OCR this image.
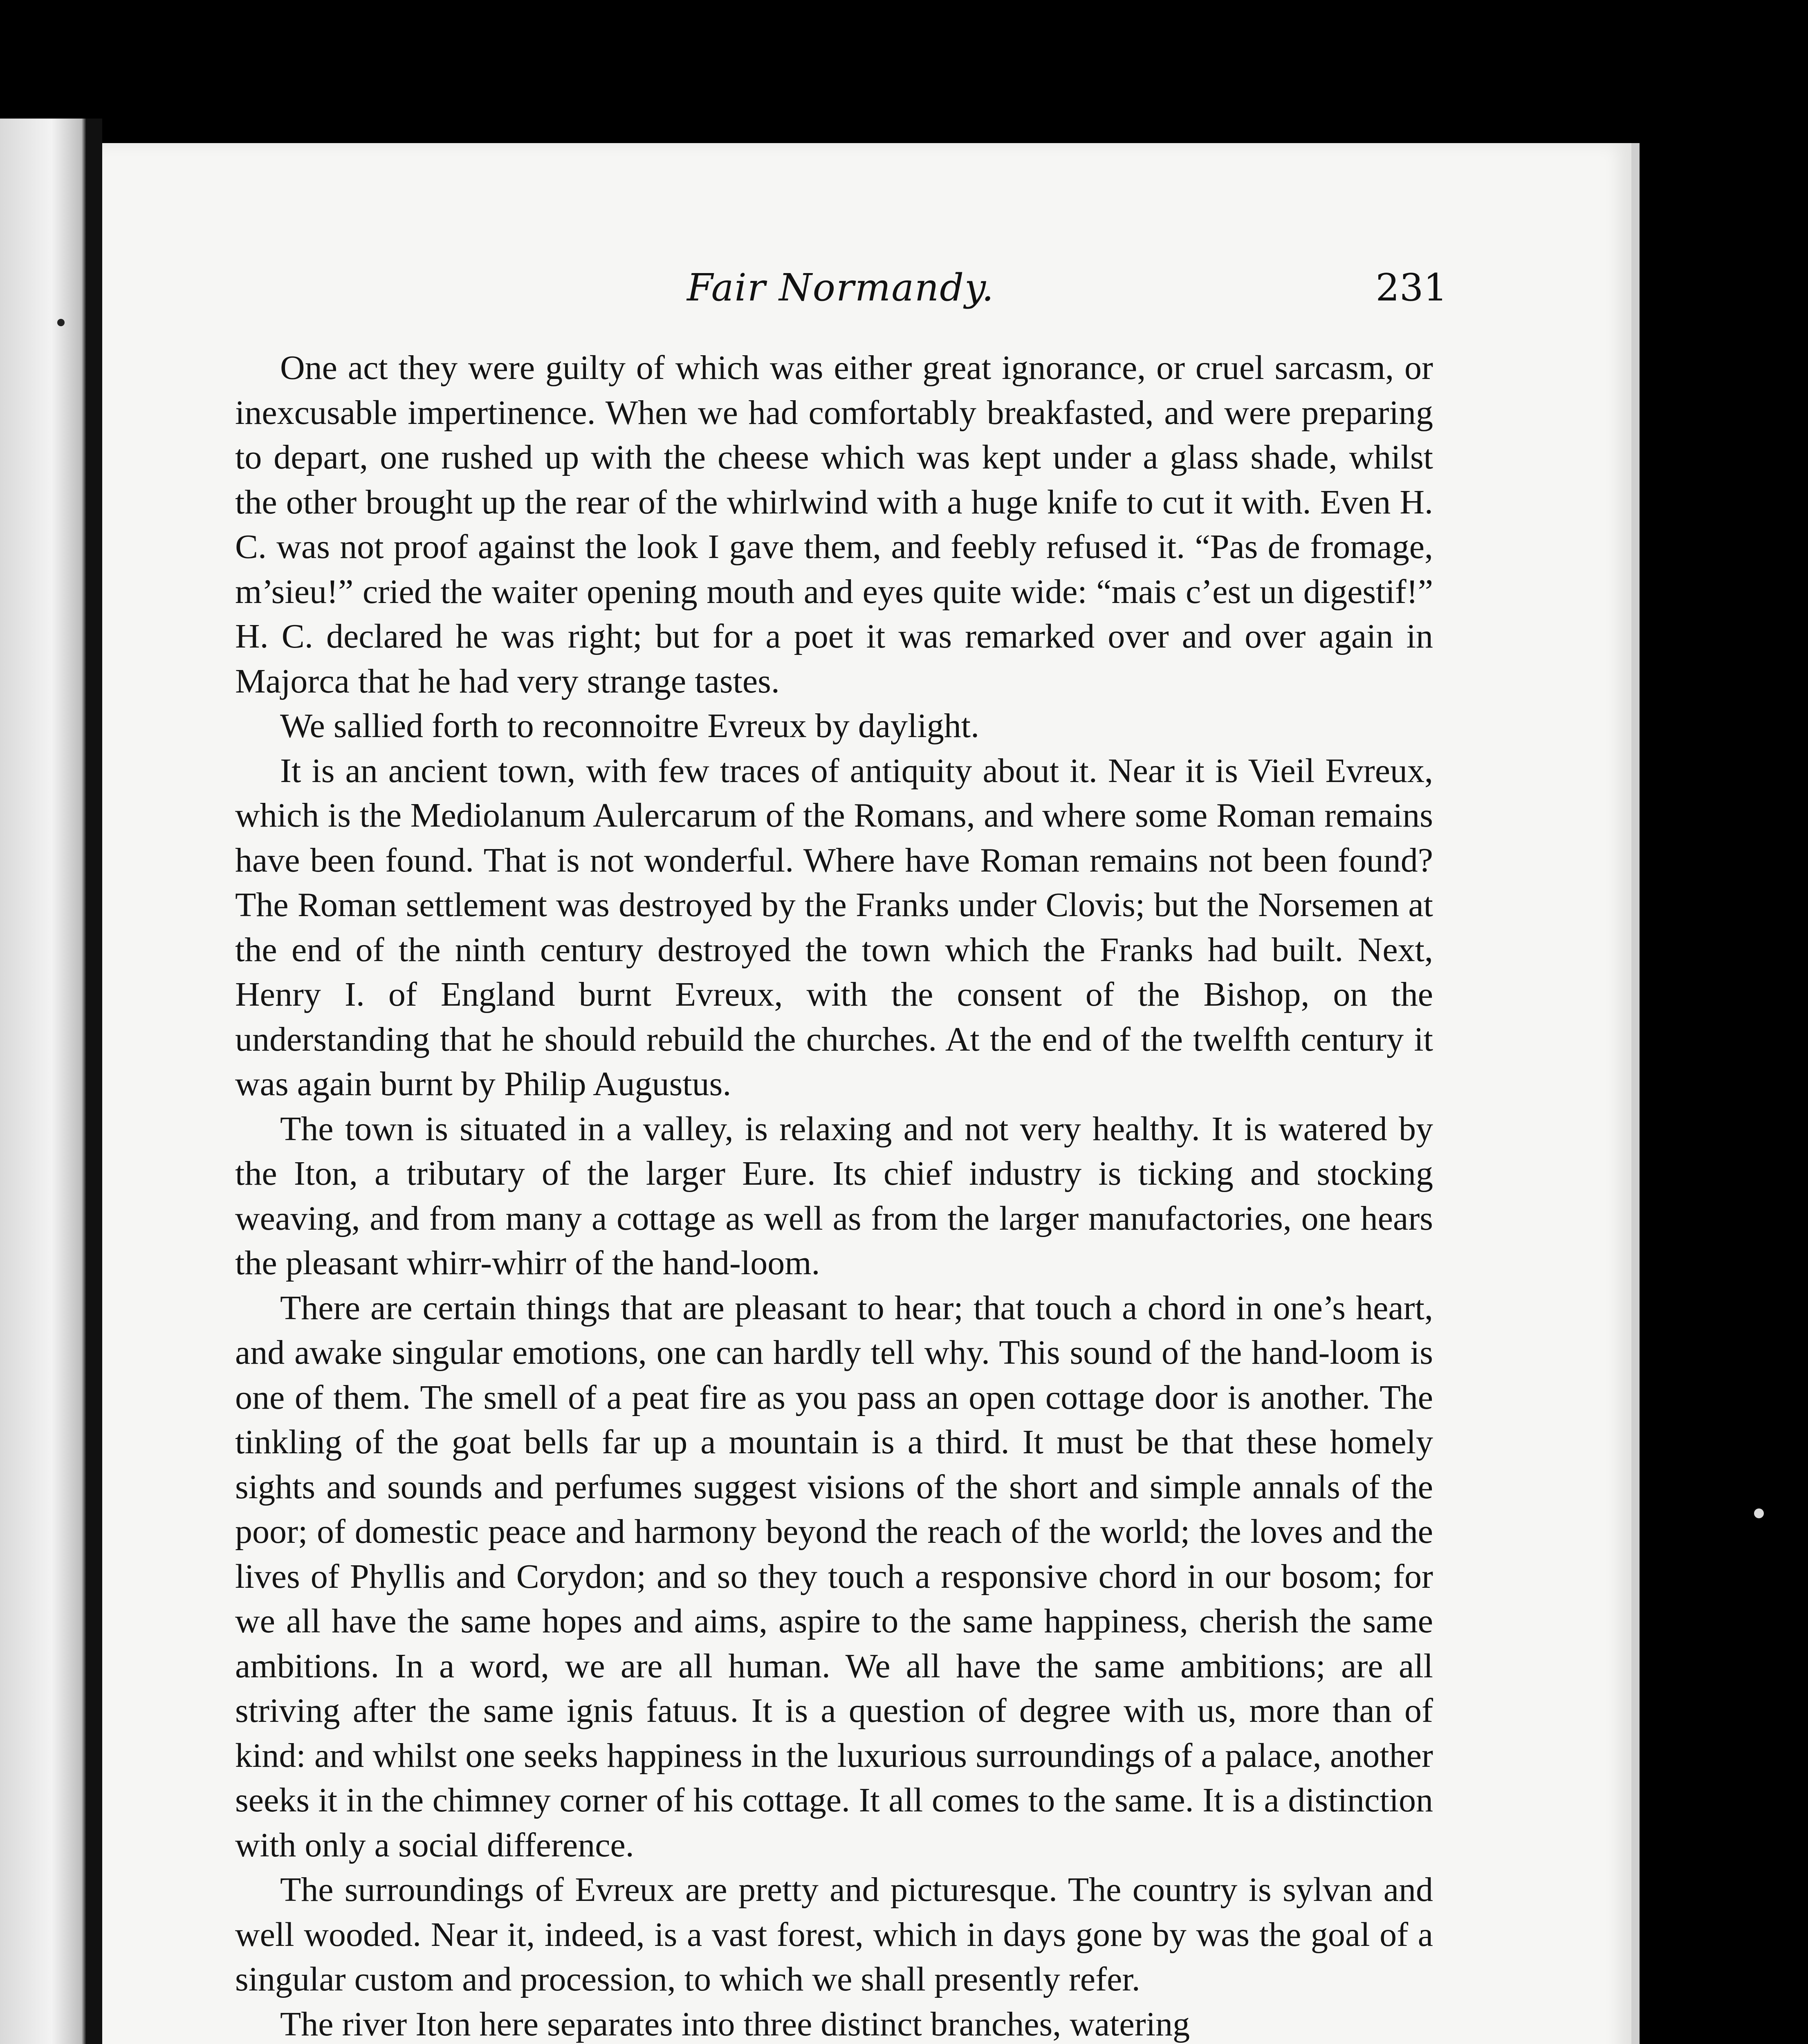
Fair Normandy.	231

One act they were guilty of which was either great ignorance, or cruel sarcasm, or inexcusable impertinence. When we had comfortably breakfasted, and were preparing to depart, one rushed up with the cheese which was kept under a glass shade, whilst the other brought up the rear of the whirlwind with a huge knife to cut it with. Even H. C. was not proof against the look I gave them, and feebly refused it. “Pas de fromage, m’sieu!” cried the waiter opening mouth and eyes quite wide: “mais c’est un digestif!” H. C. declared he was right; but for a poet it was remarked over and over again in Majorca that he had very strange tastes.

We sallied forth to reconnoitre Evreux by daylight.

It is an ancient town, with few traces of antiquity about it. Near it is Vieil Evreux, which is the Mediolanum Aulercarum of the Romans, and where some Roman remains have been found. That is not wonderful. Where have Roman remains not been found? The Roman settlement was destroyed by the Franks under Clovis; but the Norsemen at the end of the ninth century destroyed the town which the Franks had built. Next, Henry I. of England burnt Evreux, with the consent of the Bishop, on the understanding that he should rebuild the churches. At the end of the twelfth century it was again burnt by Philip Augustus.

The town is situated in a valley, is relaxing and not very healthy. It is watered by the Iton, a tributary of the larger Eure. Its chief industry is ticking and stocking weaving, and from many a cottage as well as from the larger manufactories, one hears the pleasant whirr-whirr of the hand-loom.

There are certain things that are pleasant to hear; that touch a chord in one’s heart, and awake singular emotions, one can hardly tell why. This sound of the hand-loom is one of them. The smell of a peat fire as you pass an open cottage door is another. The tinkling of the goat bells far up a mountain is a third. It must be that these homely sights and sounds and perfumes suggest visions of the short and simple annals of the poor; of domestic peace and harmony beyond the reach of the world; the loves and the lives of Phyllis and Corydon; and so they touch a responsive chord in our bosom; for we all have the same hopes and aims, aspire to the same happiness, cherish the same ambitions. In a word, we are all human. We all have the same ambitions; are all striving after the same ignis fatuus. It is a question of degree with us, more than of kind: and whilst one seeks happiness in the luxurious surroundings of a palace, another seeks it in the chimney corner of his cottage. It all comes to the same. It is a distinction with only a social difference.

The surroundings of Evreux are pretty and picturesque. The country is sylvan and well wooded. Near it, indeed, is a vast forest, which in days gone by was the goal of a singular custom and procession, to which we shall presently refer.

The river Iton here separates into three distinct branches, watering
